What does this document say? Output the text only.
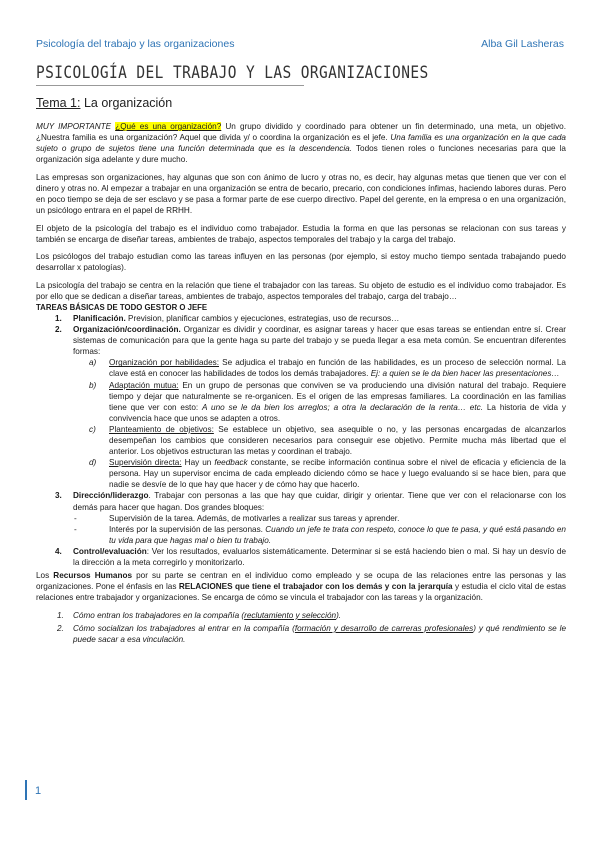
Psicología del trabajo y las organizaciones	Alba Gil Lasheras
PSICOLOGÍA DEL TRABAJO Y LAS ORGANIZACIONES
Tema 1: La organización

MUY IMPORTANTE ¿Qué es una organización? Un grupo dividido y coordinado para obtener un fin determinado, una meta, un objetivo. ¿Nuestra familia es una organización? Aquel que divida y/ o coordina la organización es el jefe. Una familia es una organización en la que cada sujeto o grupo de sujetos tiene una función determinada que es la descendencia. Todos tienen roles o funciones necesarias para que la organización siga adelante y dure mucho.

Las empresas son organizaciones, hay algunas que son con ánimo de lucro y otras no, es decir, hay algunas metas que tienen que ver con el dinero y otras no. Al empezar a trabajar en una organización se entra de becario, precario, con condiciones ínfimas, haciendo labores duras. Pero en poco tiempo se deja de ser esclavo y se pasa a formar parte de ese cuerpo directivo. Papel del gerente, en la empresa o en una organización, un psicólogo entrara en el papel de RRHH.

El objeto de la psicología del trabajo es el individuo como trabajador. Estudia la forma en que las personas se relacionan con sus tareas y también se encarga de diseñar tareas, ambientes de trabajo, aspectos temporales del trabajo y la carga del trabajo.

Los psicólogos del trabajo estudian como las tareas influyen en las personas (por ejemplo, si estoy mucho tiempo sentada trabajando puedo desarrollar x patologías).

La psicología del trabajo se centra en la relación que tiene el trabajador con las tareas. Su objeto de estudio es el individuo como trabajador. Es por ello que se dedican a diseñar tareas, ambientes de trabajo, aspectos temporales del trabajo, carga del trabajo…

TAREAS BÁSICAS DE TODO GESTOR O JEFE
1. Planificación. Prevision, planificar cambios y ejecuciones, estrategias, uso de recursos…
2. Organización/coordinación. Organizar es dividir y coordinar, es asignar tareas y hacer que esas tareas se entiendan entre sí. Crear sistemas de comunicación para que la gente haga su parte del trabajo y se pueda llegar a esa meta común. Se encuentran diferentes formas:
a) Organización por habilidades: Se adjudica el trabajo en función de las habilidades, es un proceso de selección normal. La clave está en conocer las habilidades de todos los demás trabajadores. Ej: a quien se le da bien hacer las presentaciones…
b) Adaptación mutua: En un grupo de personas que conviven se va produciendo una división natural del trabajo. Requiere tiempo y dejar que naturalmente se re-organicen. Es el origen de las empresas familiares. La coordinación en las familias tiene que ver con esto: A uno se le da bien los arreglos; a otra la declaración de la renta… etc. La historia de vida y convivencia hace que unos se adapten a otros.
c) Planteamiento de objetivos: Se establece un objetivo, sea asequible o no, y las personas encargadas de alcanzarlos desempeñan los cambios que consideren necesarios para conseguir ese objetivo. Permite mucha más libertad que el anterior. Los objetivos estructuran las metas y coordinan el trabajo.
d) Supervisión directa: Hay un feedback constante, se recibe información continua sobre el nivel de eficacia y eficiencia de la persona. Hay un supervisor encima de cada empleado diciendo cómo se hace y luego evaluando si se hace bien, para que nadie se desvíe de lo que hay que hacer y de cómo hay que hacerlo.
3. Dirección/liderazgo. Trabajar con personas a las que hay que cuidar, dirigir y orientar. Tiene que ver con el relacionarse con los demás para hacer que hagan. Dos grandes bloques:
-	Supervisión de la tarea. Además, de motivarles a realizar sus tareas y aprender.
-	Interés por la supervisión de las personas. Cuando un jefe te trata con respeto, conoce lo que te pasa, y qué está pasando en tu vida para que hagas mal o bien tu trabajo.
4. Control/evaluación: Ver los resultados, evaluarlos sistemáticamente. Determinar si se está haciendo bien o mal. Si hay un desvío de la dirección a la meta corregirlo y monitorizarlo.

Los Recursos Humanos por su parte se centran en el individuo como empleado y se ocupa de las relaciones entre las personas y las organizaciones. Pone el énfasis en las RELACIONES que tiene el trabajador con los demás y con la jerarquía y estudia el ciclo vital de estas relaciones entre trabajador y organizaciones. Se encarga de cómo se vincula el trabajador con las tareas y la organización.

1. Cómo entran los trabajadores en la compañía (reclutamiento y selección).
2. Cómo socializan los trabajadores al entrar en la compañía (formación y desarrollo de carreras profesionales) y qué rendimiento se le puede sacar a esa vinculación.
1
